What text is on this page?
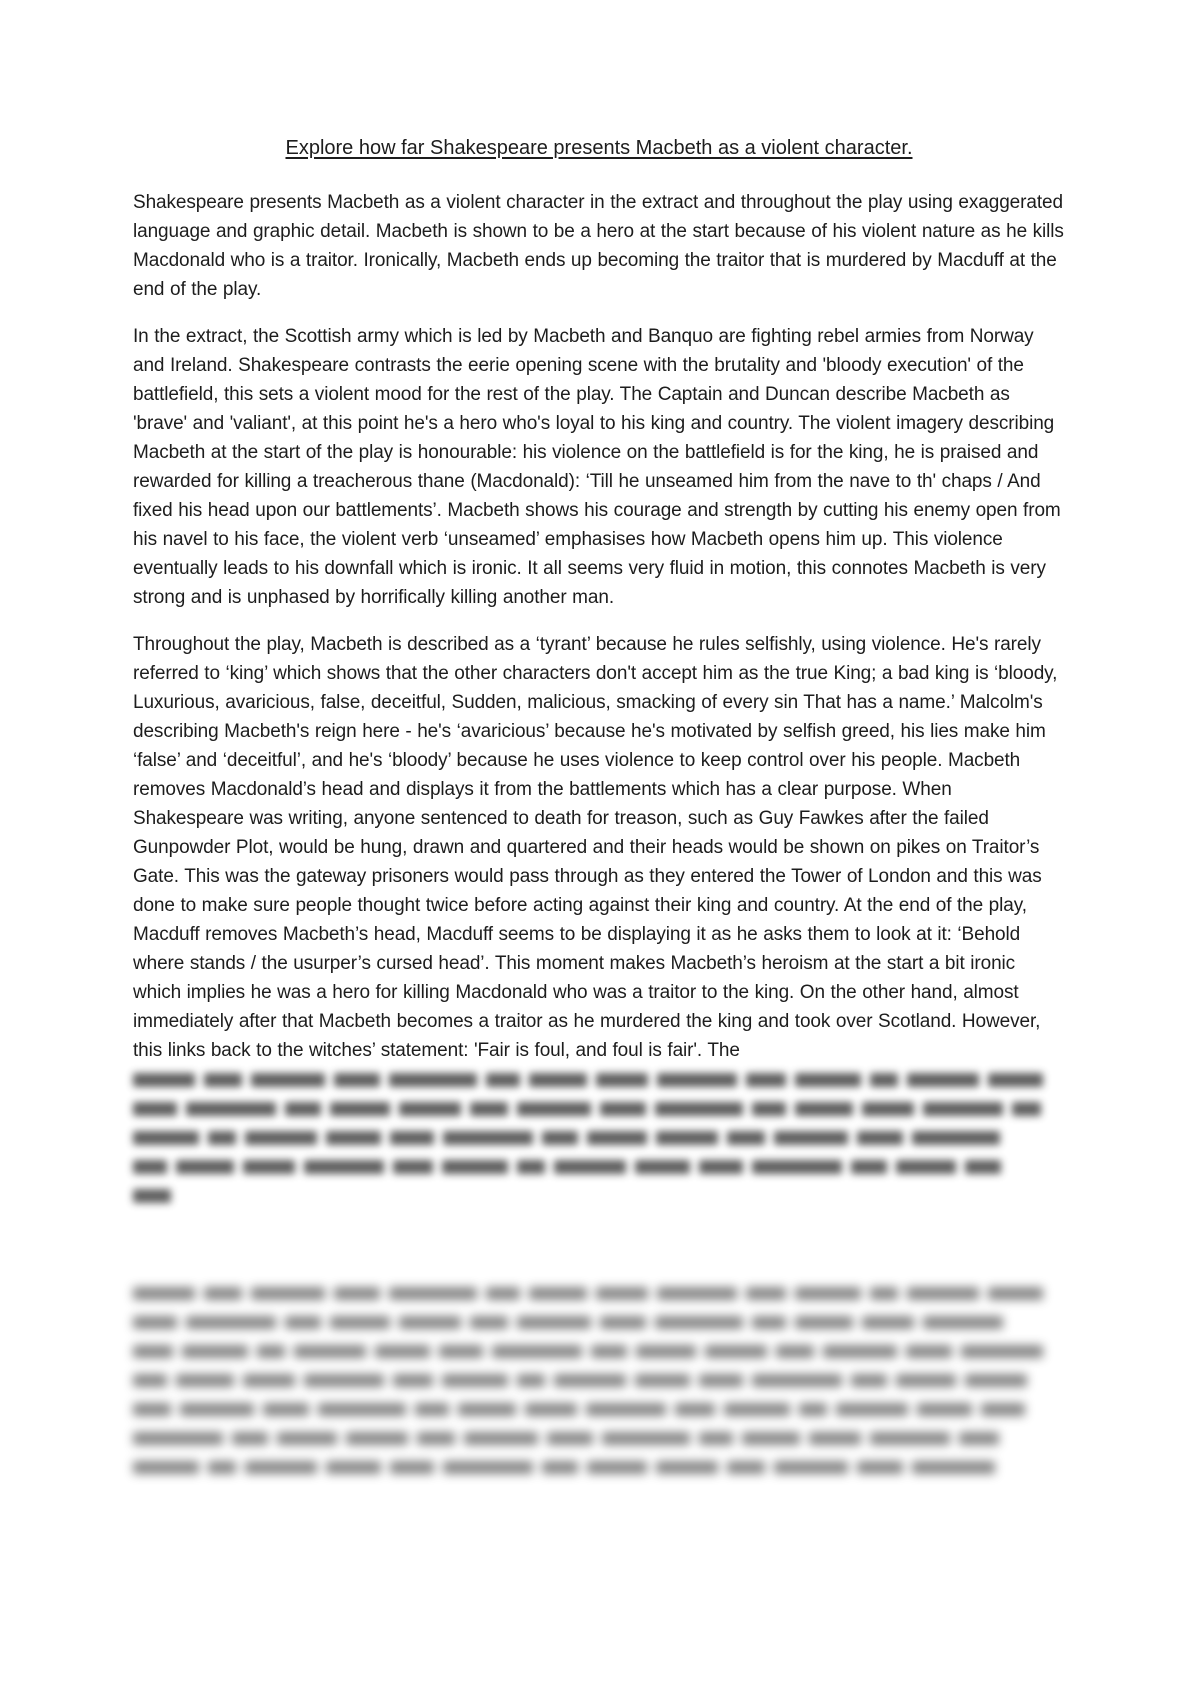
Explore how far Shakespeare presents Macbeth as a violent character.

Shakespeare presents Macbeth as a violent character in the extract and throughout the play using exaggerated language and graphic detail. Macbeth is shown to be a hero at the start because of his violent nature as he kills Macdonald who is a traitor. Ironically, Macbeth ends up becoming the traitor that is murdered by Macduff at the end of the play.

In the extract, the Scottish army which is led by Macbeth and Banquo are fighting rebel armies from Norway and Ireland. Shakespeare contrasts the eerie opening scene with the brutality and 'bloody execution' of the battlefield, this sets a violent mood for the rest of the play. The Captain and Duncan describe Macbeth as 'brave' and 'valiant', at this point he's a hero who's loyal to his king and country. The violent imagery describing Macbeth at the start of the play is honourable: his violence on the battlefield is for the king, he is praised and rewarded for killing a treacherous thane (Macdonald): ‘Till he unseamed him from the nave to th' chaps / And fixed his head upon our battlements’. Macbeth shows his courage and strength by cutting his enemy open from his navel to his face, the violent verb ‘unseamed’ emphasises how Macbeth opens him up. This violence eventually leads to his downfall which is ironic. It all seems very fluid in motion, this connotes Macbeth is very strong and is unphased by horrifically killing another man.

Throughout the play, Macbeth is described as a ‘tyrant’ because he rules selfishly, using violence. He's rarely referred to ‘king’ which shows that the other characters don't accept him as the true King; a bad king is ‘bloody, Luxurious, avaricious, false, deceitful, Sudden, malicious, smacking of every sin That has a name.’ Malcolm's describing Macbeth's reign here - he's ‘avaricious’ because he's motivated by selfish greed, his lies make him ‘false’ and ‘deceitful’, and he's ‘bloody’ because he uses violence to keep control over his people. Macbeth removes Macdonald’s head and displays it from the battlements which has a clear purpose. When Shakespeare was writing, anyone sentenced to death for treason, such as Guy Fawkes after the failed Gunpowder Plot, would be hung, drawn and quartered and their heads would be shown on pikes on Traitor’s Gate. This was the gateway prisoners would pass through as they entered the Tower of London and this was done to make sure people thought twice before acting against their king and country. At the end of the play, Macduff removes Macbeth’s head, Macduff seems to be displaying it as he asks them to look at it: ‘Behold where stands / the usurper’s cursed head’. This moment makes Macbeth’s heroism at the start a bit ironic which implies he was a hero for killing Macdonald who was a traitor to the king. On the other hand, almost immediately after that Macbeth becomes a traitor as he murdered the king and took over Scotland. However, this links back to the witches’ statement: 'Fair is foul, and foul is fair'. The
